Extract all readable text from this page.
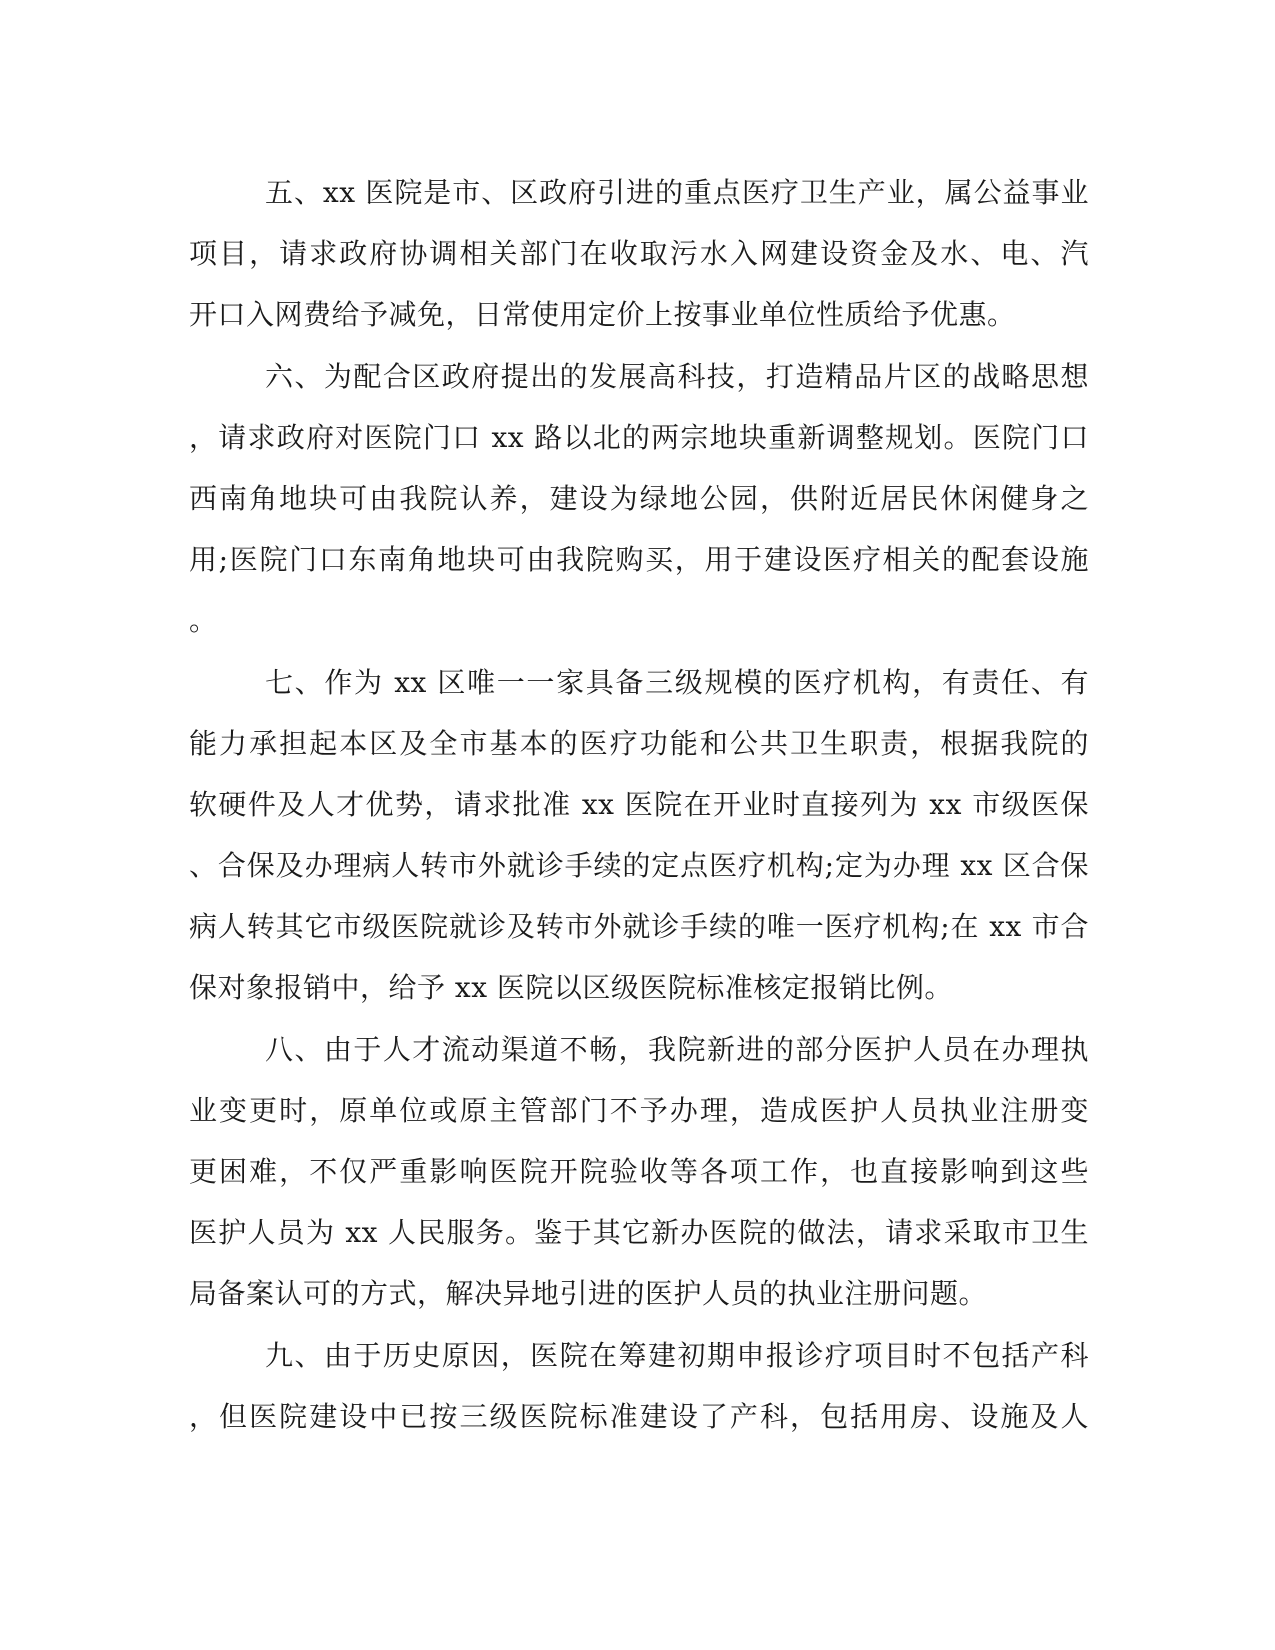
五、xx 医院是市、区政府引进的重点医疗卫生产业，属公益事业
项目，请求政府协调相关部门在收取污水入网建设资金及水、电、汽
开口入网费给予减免，日常使用定价上按事业单位性质给予优惠。
六、为配合区政府提出的发展高科技，打造精品片区的战略思想
，请求政府对医院门口 xx 路以北的两宗地块重新调整规划。医院门口
西南角地块可由我院认养，建设为绿地公园，供附近居民休闲健身之
用;医院门口东南角地块可由我院购买，用于建设医疗相关的配套设施
。
七、作为 xx 区唯一一家具备三级规模的医疗机构，有责任、有
能力承担起本区及全市基本的医疗功能和公共卫生职责，根据我院的
软硬件及人才优势，请求批准 xx 医院在开业时直接列为 xx 市级医保
、合保及办理病人转市外就诊手续的定点医疗机构;定为办理 xx 区合保
病人转其它市级医院就诊及转市外就诊手续的唯一医疗机构;在 xx 市合
保对象报销中，给予 xx 医院以区级医院标准核定报销比例。
八、由于人才流动渠道不畅，我院新进的部分医护人员在办理执
业变更时，原单位或原主管部门不予办理，造成医护人员执业注册变
更困难，不仅严重影响医院开院验收等各项工作，也直接影响到这些
医护人员为 xx 人民服务。鉴于其它新办医院的做法，请求采取市卫生
局备案认可的方式，解决异地引进的医护人员的执业注册问题。
九、由于历史原因，医院在筹建初期申报诊疗项目时不包括产科
，但医院建设中已按三级医院标准建设了产科，包括用房、设施及人
